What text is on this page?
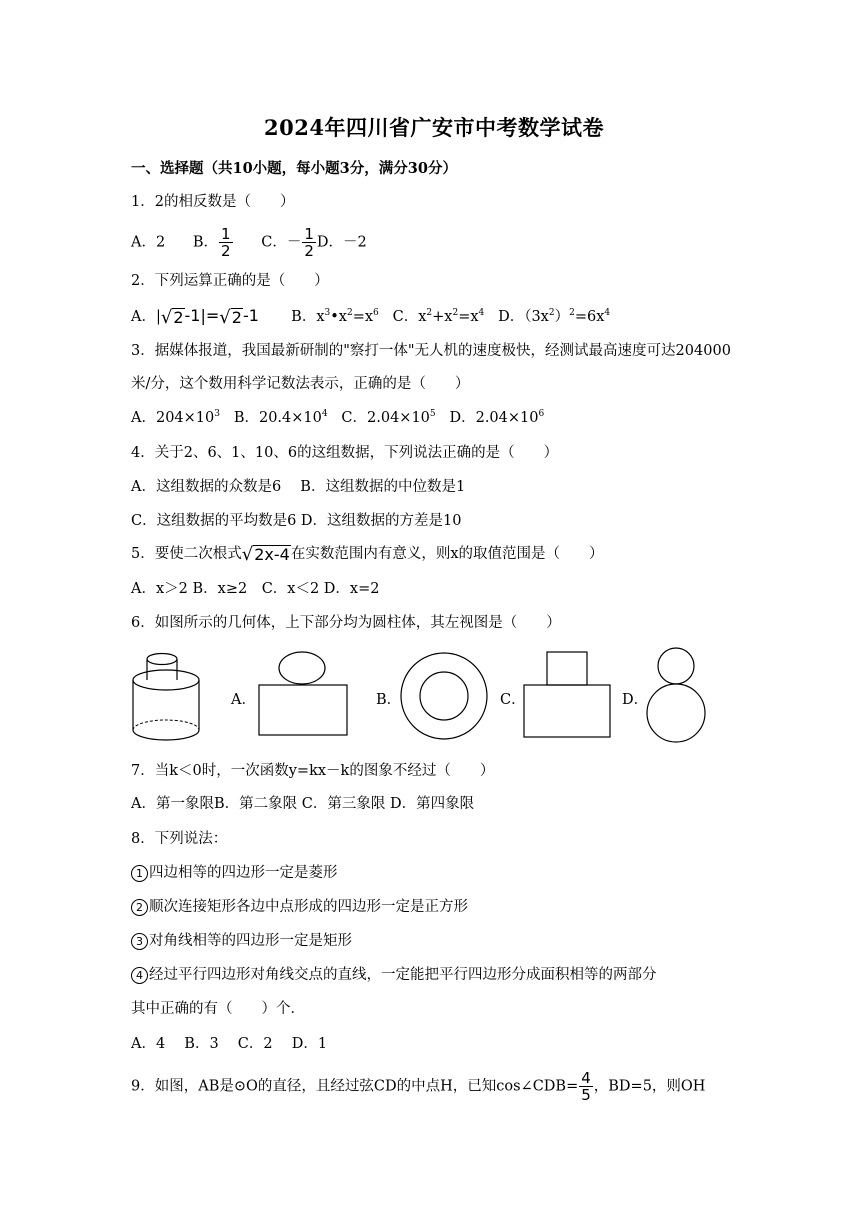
2024年四川省广安市中考数学试卷
一、选择题（共10小题，每小题3分，满分30分）
1．2的相反数是（　　）
A．2 B． $\frac{1}{2}$ C．－ $\frac{1}{2}$ D．－2
2．下列运算正确的是（　　）
A．| √ 2 -1|= √ 2 -1 B．$x^3•x^2=x^6$ C．$x^2+x^2=x^4$ D．$(3x^2)^2=6x^4$
3．据媒体报道，我国最新研制的"察打一体"无人机的速度极快，经测试最高速度可达204000
米/分，这个数用科学记数法表示，正确的是（　　）
A．$204\times 10^3$ B．$20.4\times 10^4$ C．$2.04\times 10^5$ D．$2.04\times 10^6$
4．关于2、6、1、10、6的这组数据，下列说法正确的是（　　）
A．这组数据的众数是6　 B．这组数据的中位数是1
C．这组数据的平均数是6 D．这组数据的方差是10
5．要使二次根式 √ 2x-4 在实数范围内有意义，则x的取值范围是（　　）
A．x＞2 B．x≥2　C．x＜2 D．x=2
6．如图所示的几何体，上下部分均为圆柱体，其左视图是（　　）
A．	B．	C．	D．
7．当k＜0时，一次函数y=kx－k的图象不经过（　　）
A．第一象限B．第二象限 C．第三象限 D．第四象限
8．下列说法：
1 四边相等的四边形一定是菱形
2 顺次连接矩形各边中点形成的四边形一定是正方形
3 对角线相等的四边形一定是矩形
4 经过平行四边形对角线交点的直线，一定能把平行四边形分成面积相等的两部分
其中正确的有（　　）个．
A．4　 B．3　 C．2　 D．1
9．如图，AB是⊙O的直径，且经过弦CD的中点H，已知cos∠CDB= $\frac{4}{5}$ ，BD=5，则OH
